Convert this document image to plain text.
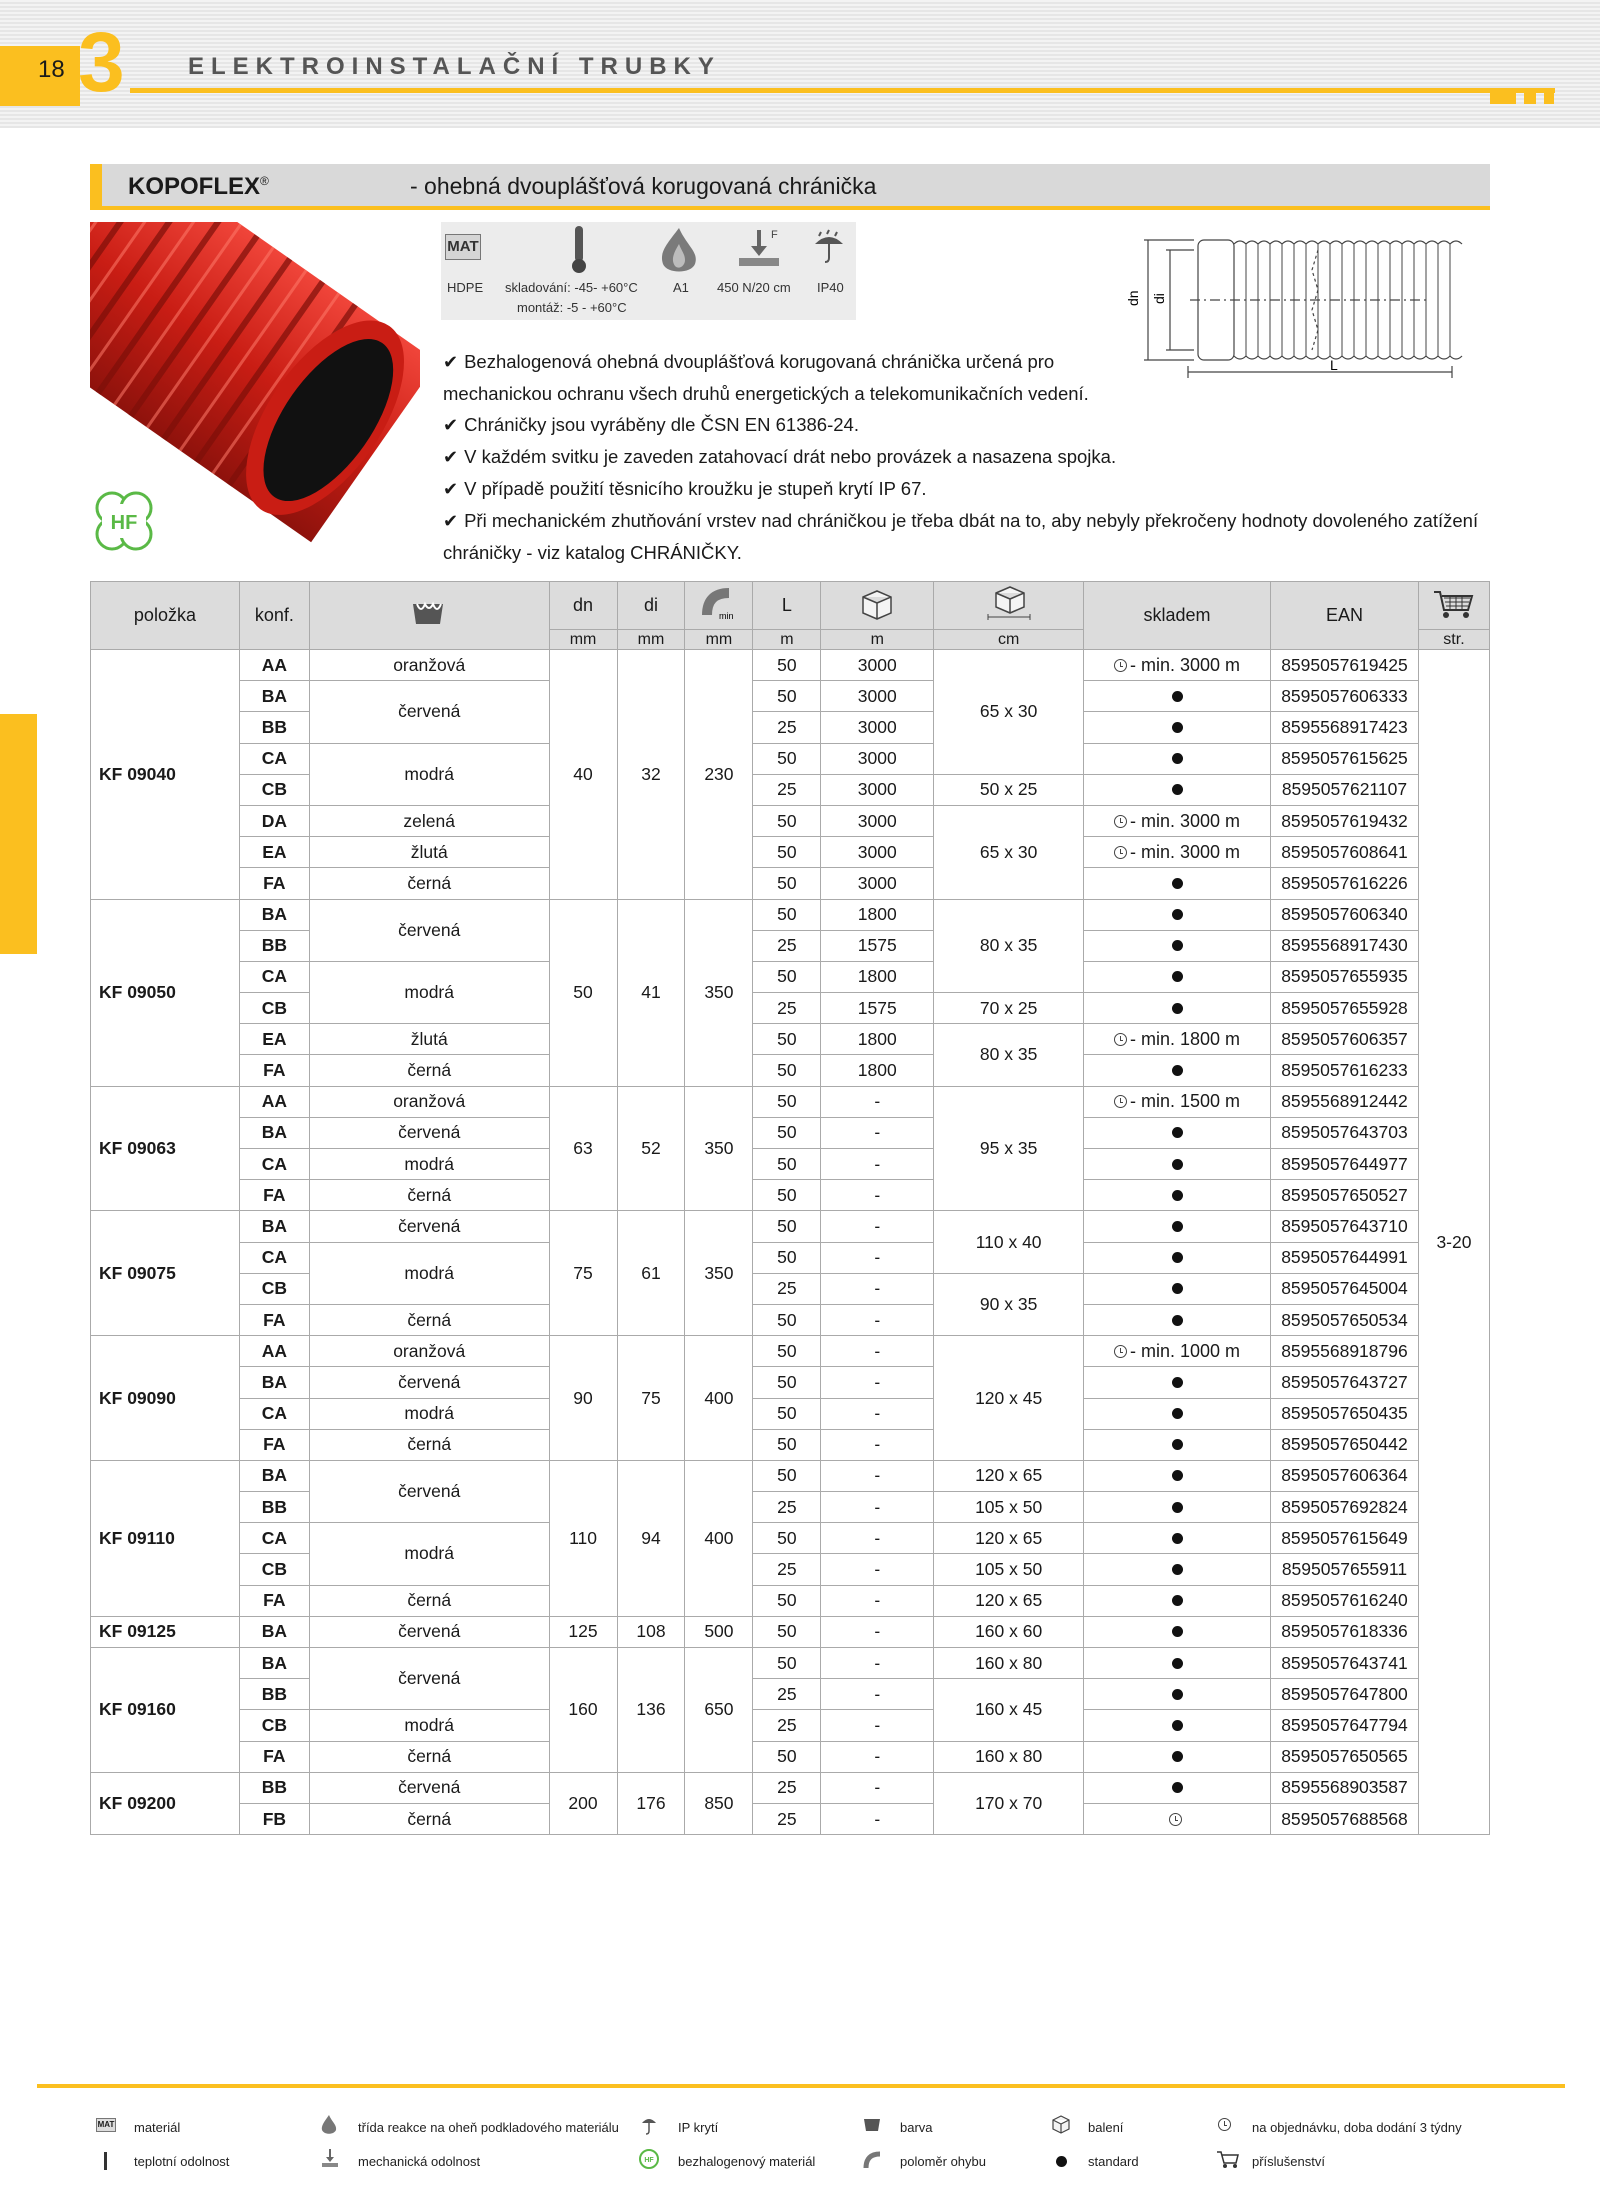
18 3	ELEKTROINSTALAČNÍ TRUBKY
KOPOFLEX®	- ohebná dvouplášťová korugovaná chránička
HF
MAT
F
HDPE skladování: -45- +60°C
montáž: -5 - +60°C
A1 450 N/20 cm IP40
dn di
L

✔ Bezhalogenová ohebná dvouplášťová korugovaná chránička určená pro

mechanickou ochranu všech druhů energetických a telekomunikačních vedení.

✔ Chráničky jsou vyráběny dle ČSN EN 61386-24.

✔ V každém svitku je zaveden zatahovací drát nebo provázek a nasazena spojka.

✔ V případě použití těsnicího kroužku je stupeň krytí IP 67.

✔ Při mechanickém zhutňování vrstev nad chráničkou je třeba dbát na to, aby nebyly překročeny hodnoty dovoleného zatížení

chráničky - viz katalog CHRÁNIČKY.

položka	konf.		dn	di	min	L			skladem	EAN	
			mm	mm	mm	m	m	cm			str.
KF 09040	AA	oranžová	40	32	230	50	3000	65 x 30	- min. 3000 m	8595057619425	3-20
	BA	červená				50	3000			8595057606333	
	BB					25	3000			8595568917423	
	CA	modrá				50	3000			8595057615625	
	CB					25	3000	50 x 25		8595057621107	
	DA	zelená				50	3000	65 x 30	- min. 3000 m	8595057619432	
	EA	žlutá				50	3000		- min. 3000 m	8595057608641	
	FA	černá				50	3000			8595057616226	
KF 09050	BA	červená	50	41	350	50	1800	80 x 35		8595057606340	
	BB					25	1575			8595568917430	
	CA	modrá				50	1800			8595057655935	
	CB					25	1575	70 x 25		8595057655928	
	EA	žlutá				50	1800	80 x 35	- min. 1800 m	8595057606357	
	FA	černá				50	1800			8595057616233	
KF 09063	AA	oranžová	63	52	350	50	-	95 x 35	- min. 1500 m	8595568912442	
	BA	červená				50	-			8595057643703	
	CA	modrá				50	-			8595057644977	
	FA	černá				50	-			8595057650527	
KF 09075	BA	červená	75	61	350	50	-	110 x 40		8595057643710	
	CA	modrá				50	-			8595057644991	
	CB					25	-	90 x 35		8595057645004	
	FA	černá				50	-			8595057650534	
KF 09090	AA	oranžová	90	75	400	50	-	120 x 45	- min. 1000 m	8595568918796	
	BA	červená				50	-			8595057643727	
	CA	modrá				50	-			8595057650435	
	FA	černá				50	-			8595057650442	
KF 09110	BA	červená	110	94	400	50	-	120 x 65		8595057606364	
	BB					25	-	105 x 50		8595057692824	
	CA	modrá				50	-	120 x 65		8595057615649	
	CB					25	-	105 x 50		8595057655911	
	FA	černá				50	-	120 x 65		8595057616240	
KF 09125	BA	červená	125	108	500	50	-	160 x 60		8595057618336	
KF 09160	BA	červená	160	136	650	50	-	160 x 80		8595057643741	
	BB					25	-	160 x 45		8595057647800	
	CB	modrá				25	-			8595057647794	
	FA	černá				50	-	160 x 80		8595057650565	
KF 09200	BB	červená	200	176	850	25	-	170 x 70		8595568903587	
	FB	černá				25	-			8595057688568	
MAT materiál	třída reakce na oheň podkladového materiálu	IP krytí	barva	balení	na objednávku, doba dodání 3 týdny
teplotní odolnost	mechanická odolnost	HF bezhalogenový materiál	poloměr ohybu	standard	příslušenství
